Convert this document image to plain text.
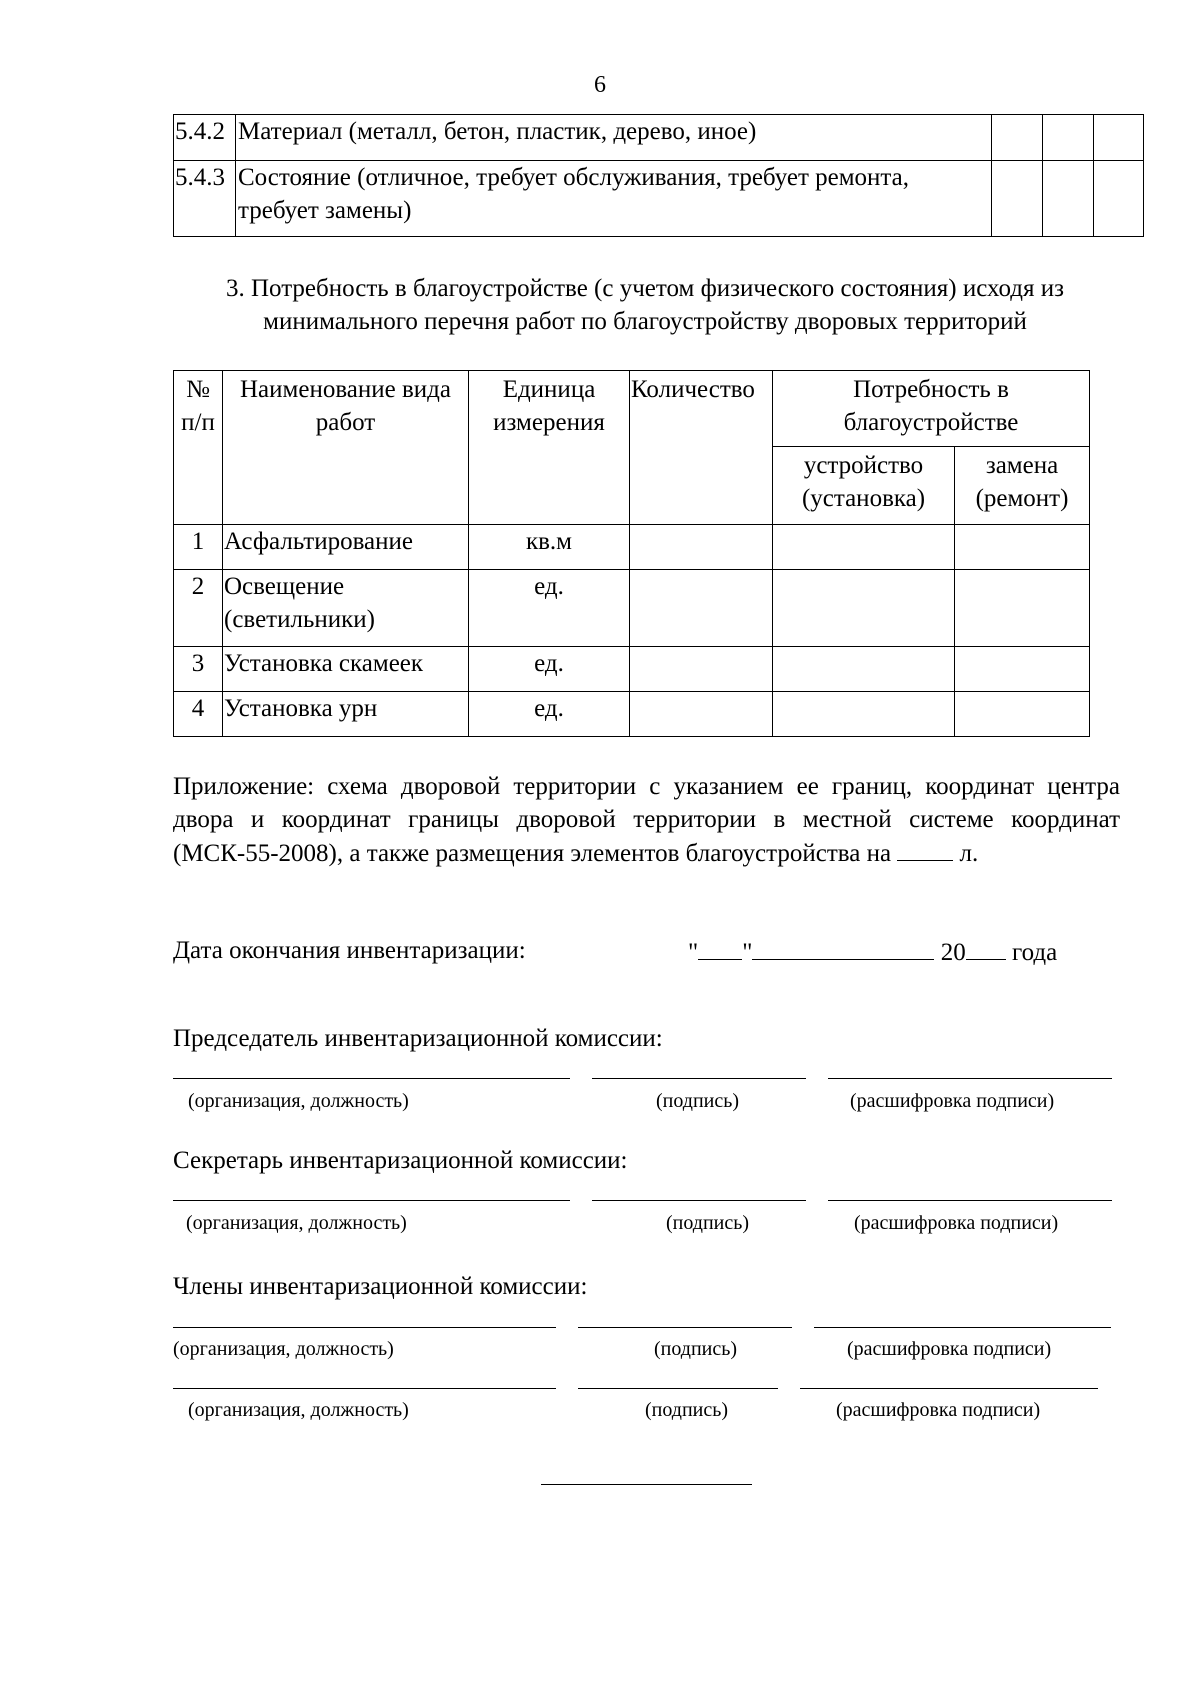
6
5.4.2	Материал (металл, бетон, пластик, дерево, иное)			
5.4.3	Состояние (отличное, требует обслуживания, требует ремонта, требует замены)			
3. Потребность в благоустройстве (с учетом физического состояния) исходя из минимального перечня работ по благоустройству дворовых территорий
№ п/п	Наименование вида работ	Единица измерения	Количество	Потребность в благоустройстве	
				устройство (установка)	замена (ремонт)
1	Асфальтирование	кв.м			
2	Освещение (светильники)	ед.			
3	Установка скамеек	ед.			
4	Установка урн	ед.			
Приложение: схема дворовой территории с указанием ее границ, координат центра двора и координат границы дворовой территории в местной системе координат (МСК-55-2008), а также размещения элементов благоустройства на	л.
Дата окончания инвентаризации:	" "	20 года
Председатель инвентаризационной комиссии:
(организация, должность)	(подпись)	(расшифровка подписи)
Секретарь инвентаризационной комиссии:
(организация, должность)	(подпись)	(расшифровка подписи)
Члены инвентаризационной комиссии:
(организация, должность)	(подпись)	(расшифровка подписи)
(организация, должность)	(подпись)	(расшифровка подписи)
